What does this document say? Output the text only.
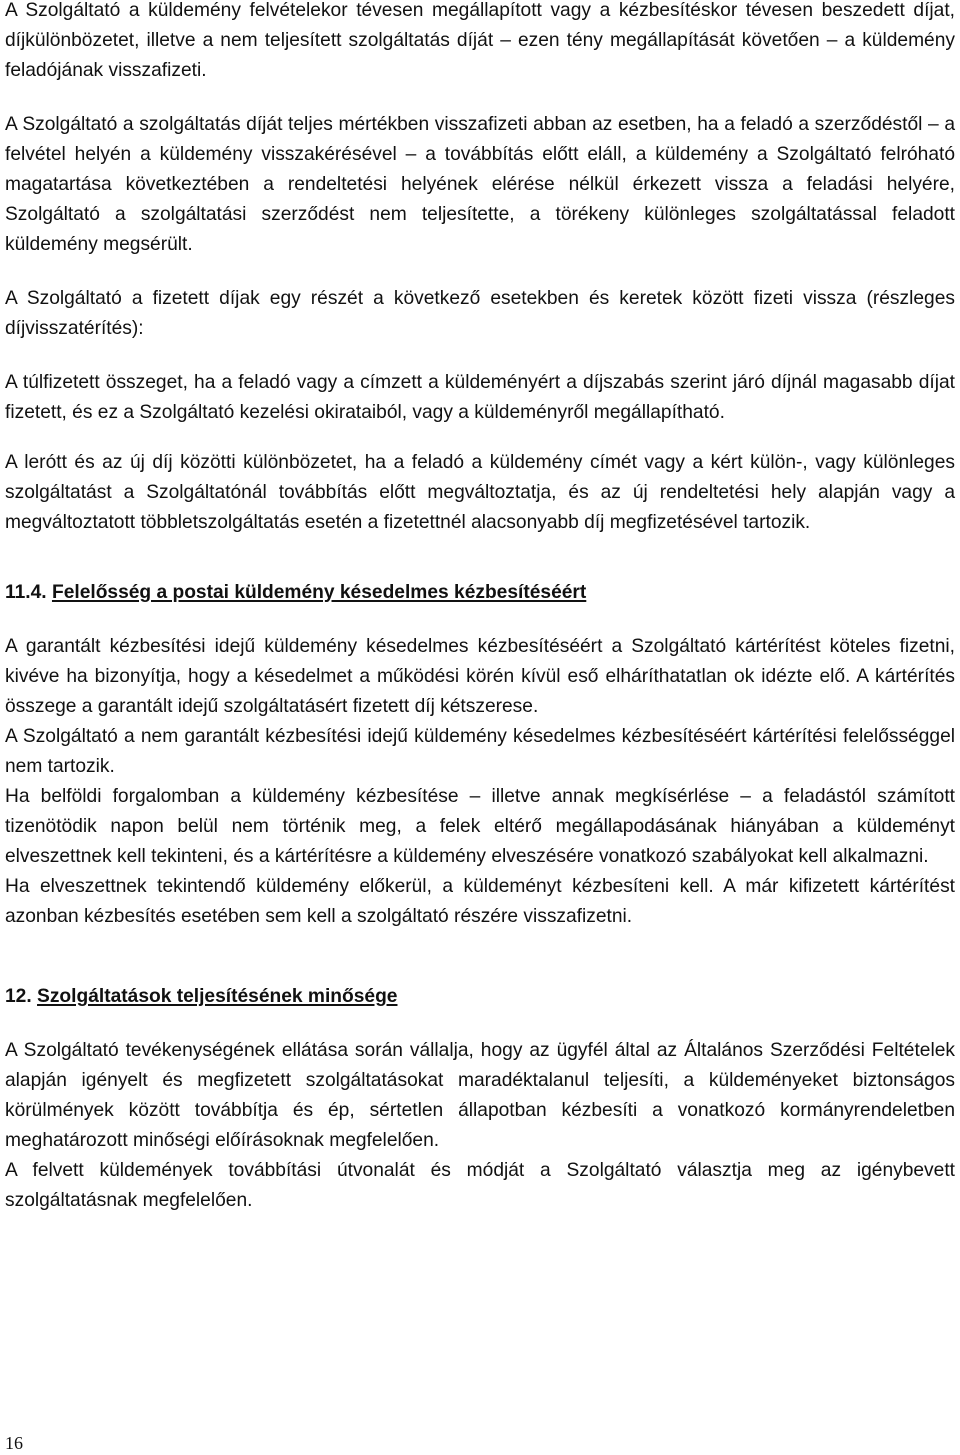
A Szolgáltató a küldemény felvételekor tévesen megállapított vagy a kézbesítéskor tévesen beszedett díjat, díjkülönbözetet, illetve a nem teljesített szolgáltatás díját – ezen tény megállapítását követően – a küldemény feladójának visszafizeti.

A Szolgáltató a szolgáltatás díját teljes mértékben visszafizeti abban az esetben, ha a feladó a szerződéstől – a felvétel helyén a küldemény visszakérésével – a továbbítás előtt eláll, a küldemény a Szolgáltató felróható magatartása következtében a rendeltetési helyének elérése nélkül érkezett vissza a feladási helyére, Szolgáltató a szolgáltatási szerződést nem teljesítette, a törékeny különleges szolgáltatással feladott küldemény megsérült.

A Szolgáltató a fizetett díjak egy részét a következő esetekben és keretek között fizeti vissza (részleges díjvisszatérítés):

A túlfizetett összeget, ha a feladó vagy a címzett a küldeményért a díjszabás szerint járó díjnál magasabb díjat fizetett, és ez a Szolgáltató kezelési okirataiból, vagy a küldeményről megállapítható.

A lerótt és az új díj közötti különbözetet, ha a feladó a küldemény címét vagy a kért külön-, vagy különleges szolgáltatást a Szolgáltatónál továbbítás előtt megváltoztatja, és az új rendeltetési hely alapján vagy a megváltoztatott többletszolgáltatás esetén a fizetettnél alacsonyabb díj megfizetésével tartozik.

11.4. Felelősség a postai küldemény késedelmes kézbesítéséért

A garantált kézbesítési idejű küldemény késedelmes kézbesítéséért a Szolgáltató kártérítést köteles fizetni, kivéve ha bizonyítja, hogy a késedelmet a működési körén kívül eső elháríthatatlan ok idézte elő. A kártérítés összege a garantált idejű szolgáltatásért fizetett díj kétszerese.

A Szolgáltató a nem garantált kézbesítési idejű küldemény késedelmes kézbesítéséért kártérítési felelősséggel nem tartozik.

Ha belföldi forgalomban a küldemény kézbesítése – illetve annak megkísérlése – a feladástól számított tizenötödik napon belül nem történik meg, a felek eltérő megállapodásának hiányában a küldeményt elveszettnek kell tekinteni, és a kártérítésre a küldemény elveszésére vonatkozó szabályokat kell alkalmazni.

Ha elveszettnek tekintendő küldemény előkerül, a küldeményt kézbesíteni kell. A már kifizetett kártérítést azonban kézbesítés esetében sem kell a szolgáltató részére visszafizetni.

12. Szolgáltatások teljesítésének minősége

A Szolgáltató tevékenységének ellátása során vállalja, hogy az ügyfél által az Általános Szerződési Feltételek alapján igényelt és megfizetett szolgáltatásokat maradéktalanul teljesíti, a küldeményeket biztonságos körülmények között továbbítja és ép, sértetlen állapotban kézbesíti a vonatkozó kormányrendeletben meghatározott minőségi előírásoknak megfelelően.

A felvett küldemények továbbítási útvonalát és módját a Szolgáltató választja meg az igénybevett szolgáltatásnak megfelelően.

16
